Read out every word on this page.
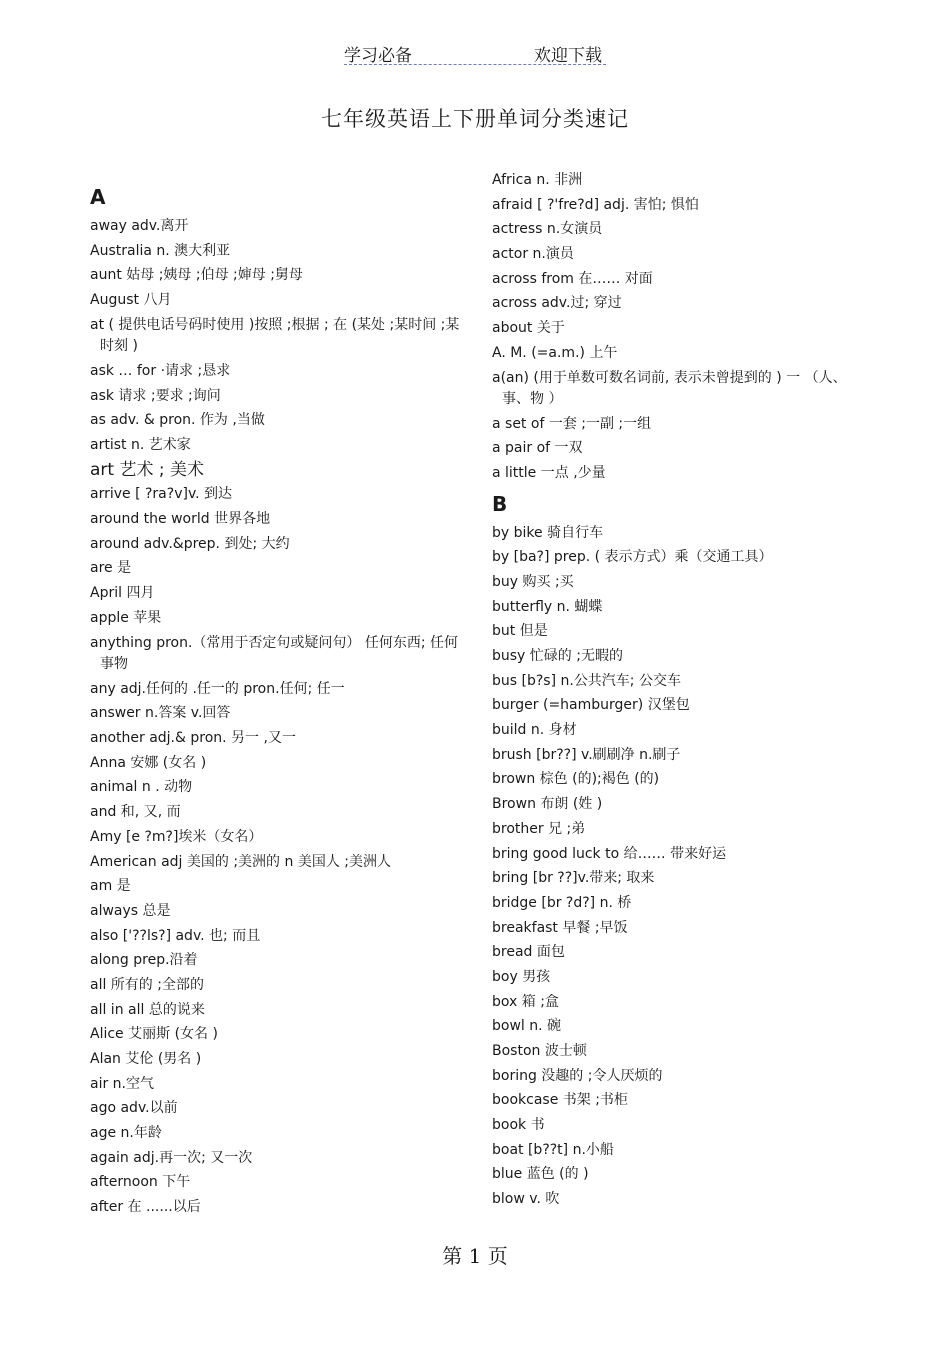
学习必备	欢迎下载
七年级英语上下册单词分类速记
A
away adv.离开
Australia n. 澳大利亚
aunt 姑母 ;姨母 ;伯母 ;婶母 ;舅母
August 八月
at ( 提供电话号码时使用 )按照 ;根据 ; 在 (某处 ;某时间 ;某时刻 )
ask … for ·请求 ;恳求
ask 请求 ;要求 ;询问
as adv. & pron. 作为 ,当做
artist n. 艺术家
art 艺术 ; 美术
arrive [ ?ra?v]v. 到达
around the world 世界各地
around adv.&prep. 到处; 大约
are 是
April 四月
apple 苹果
anything pron.（常用于否定句或疑问句） 任何东西; 任何事物
any adj.任何的 .任一的 pron.任何; 任一
answer n.答案 v.回答
another adj.& pron. 另一 ,又一
Anna 安娜 (女名 )
animal n . 动物
and 和, 又, 而
Amy [e ?m?]埃米（女名）
American adj 美国的 ;美洲的 n 美国人 ;美洲人
am 是
always 总是
also ['??ls?] adv. 也; 而且
along prep.沿着
all 所有的 ;全部的
all in all 总的说来
Alice 艾丽斯 (女名 )
Alan 艾伦 (男名 )
air n.空气
ago adv.以前
age n.年龄
again adj.再一次; 又一次
afternoon 下午
after 在 ......以后
Africa n. 非洲
afraid [ ?'fre?d] adj. 害怕; 惧怕
actress n.女演员
actor n.演员
across from 在…… 对面
across adv.过; 穿过
about 关于
A. M. (=a.m.) 上午
a(an) (用于单数可数名词前, 表示未曾提到的 ) 一 （人、事、物 ）
a set of 一套 ;一副 ;一组
a pair of 一双
a little 一点 ,少量
B
by bike 骑自行车
by [ba?] prep. ( 表示方式）乘（交通工具）
buy 购买 ;买
butterfly n. 蝴蝶
but 但是
busy 忙碌的 ;无暇的
bus [b?s] n.公共汽车; 公交车
burger (=hamburger) 汉堡包
build n. 身材
brush [br??] v.刷刷净 n.刷子
brown 棕色 (的);褐色 (的)
Brown 布朗 (姓 )
brother 兄 ;弟
bring good luck to 给…… 带来好运
bring [br ??]v.带来; 取来
bridge [br ?d?] n. 桥
breakfast 早餐 ;早饭
bread 面包
boy 男孩
box 箱 ;盒
bowl n. 碗
Boston 波士顿
boring 没趣的 ;令人厌烦的
bookcase 书架 ;书柜
book 书
boat [b??t] n.小船
blue 蓝色 (的 )
blow v. 吹
第 1 页
